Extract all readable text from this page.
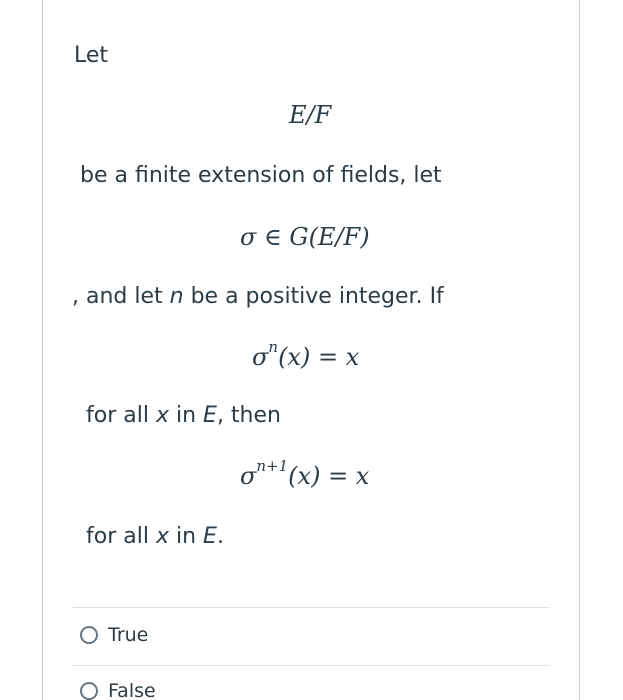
Let
E/F
be a finite extension of fields, let
σ ∈ G(E/F)
, and let n be a positive integer. If
$\sigma^n(x) = x$
for all x in E, then
$\sigma^{n+1}(x) = x$
for all x in E.
True
False
